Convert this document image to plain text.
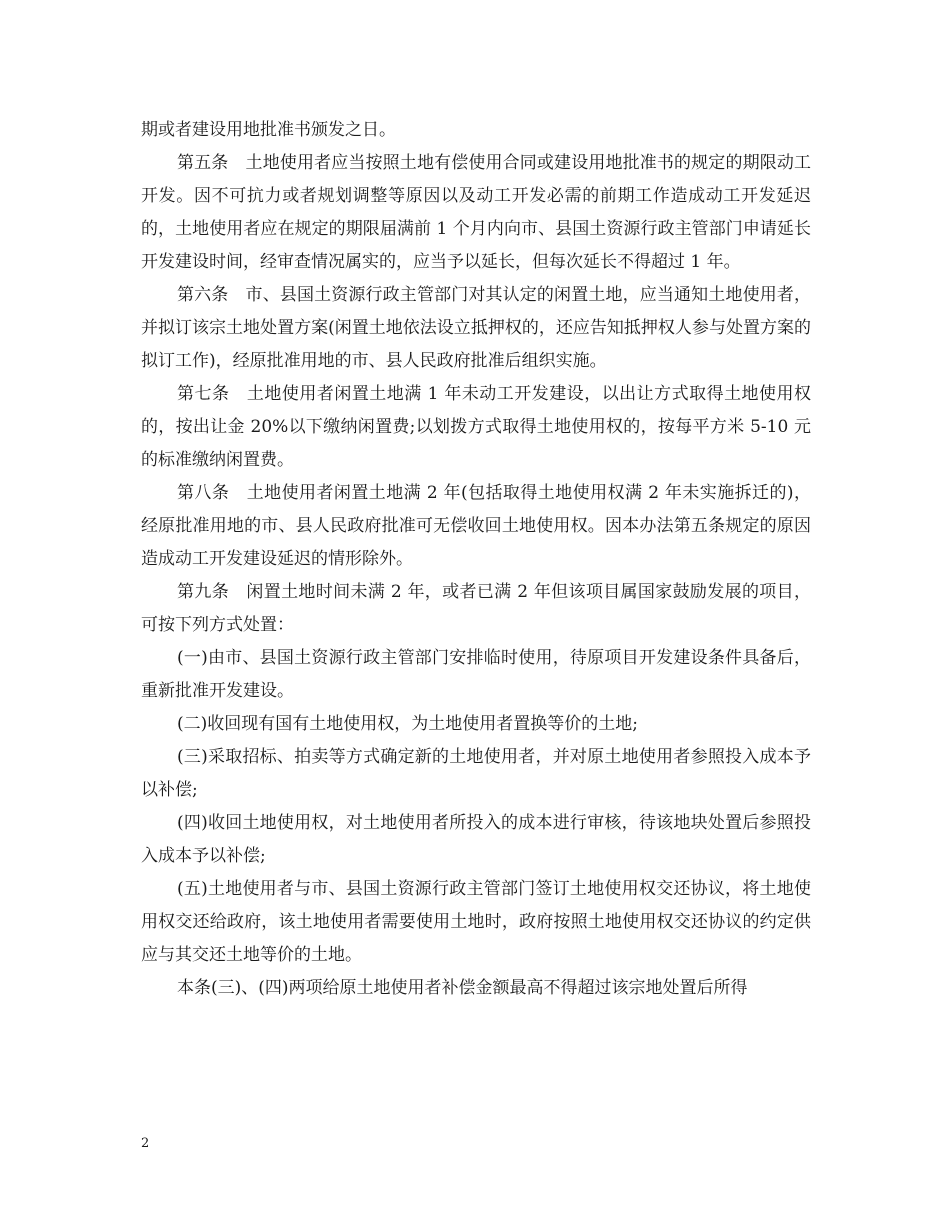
期或者建设用地批准书颁发之日。

第五条　土地使用者应当按照土地有偿使用合同或建设用地批准书的规定的期限动工开发。因不可抗力或者规划调整等原因以及动工开发必需的前期工作造成动工开发延迟的，土地使用者应在规定的期限届满前 1 个月内向市、县国土资源行政主管部门申请延长开发建设时间，经审查情况属实的，应当予以延长，但每次延长不得超过 1 年。

第六条　市、县国土资源行政主管部门对其认定的闲置土地，应当通知土地使用者，并拟订该宗土地处置方案(闲置土地依法设立抵押权的，还应告知抵押权人参与处置方案的拟订工作)，经原批准用地的市、县人民政府批准后组织实施。

第七条　土地使用者闲置土地满 1 年未动工开发建设，以出让方式取得土地使用权的，按出让金 20%以下缴纳闲置费;以划拨方式取得土地使用权的，按每平方米 5-10 元的标准缴纳闲置费。

第八条　土地使用者闲置土地满 2 年(包括取得土地使用权满 2 年未实施拆迁的)，经原批准用地的市、县人民政府批准可无偿收回土地使用权。因本办法第五条规定的原因造成动工开发建设延迟的情形除外。

第九条　闲置土地时间未满 2 年，或者已满 2 年但该项目属国家鼓励发展的项目，可按下列方式处置：

(一)由市、县国土资源行政主管部门安排临时使用，待原项目开发建设条件具备后，重新批准开发建设。

(二)收回现有国有土地使用权，为土地使用者置换等价的土地;

(三)采取招标、拍卖等方式确定新的土地使用者，并对原土地使用者参照投入成本予以补偿;

(四)收回土地使用权，对土地使用者所投入的成本进行审核，待该地块处置后参照投入成本予以补偿;

(五)土地使用者与市、县国土资源行政主管部门签订土地使用权交还协议，将土地使用权交还给政府，该土地使用者需要使用土地时，政府按照土地使用权交还协议的约定供应与其交还土地等价的土地。

本条(三)、(四)两项给原土地使用者补偿金额最高不得超过该宗地处置后所得

2
